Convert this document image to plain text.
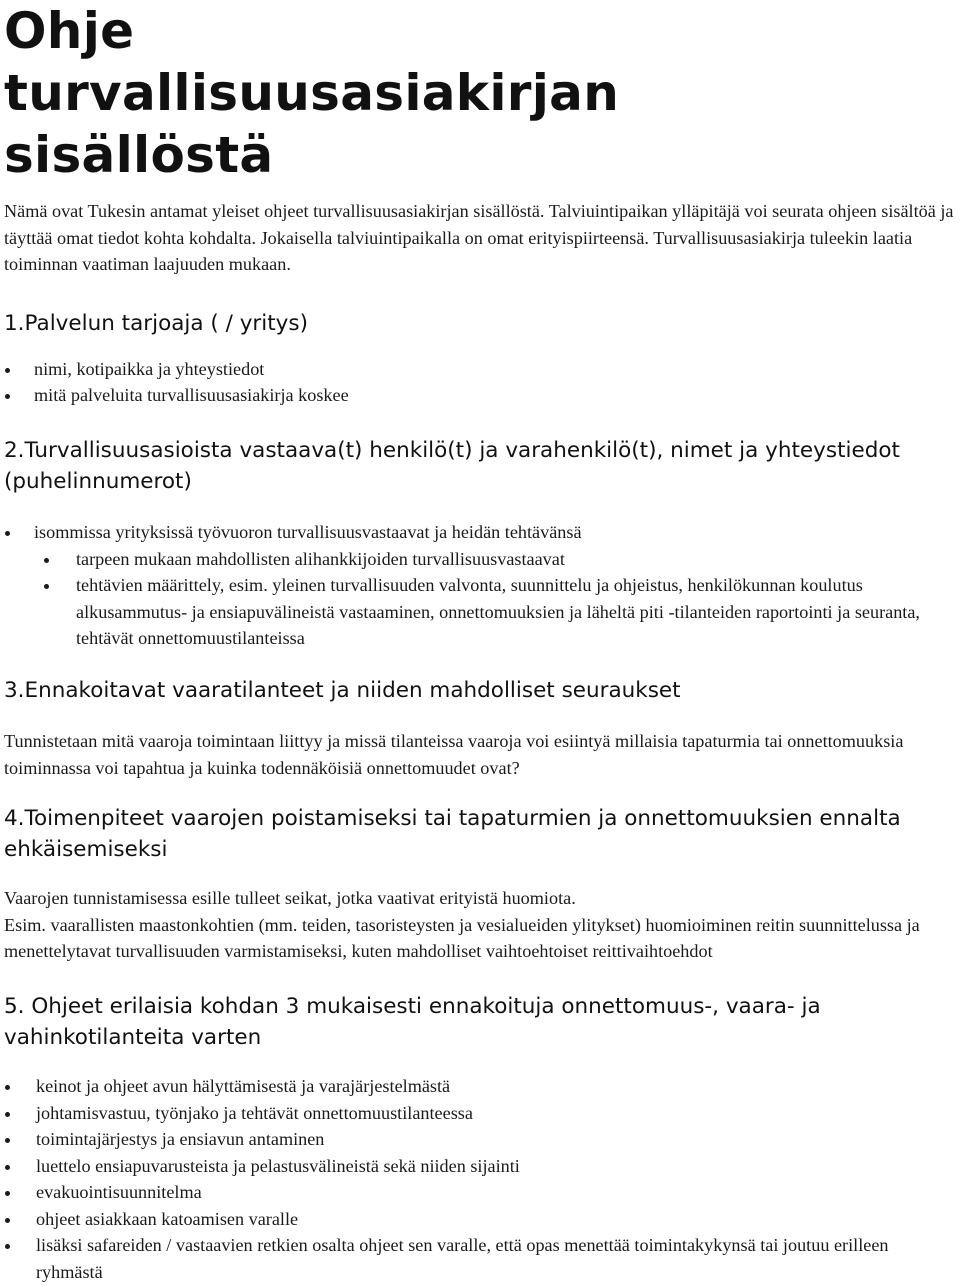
Ohje turvallisuusasiakirjan sisällöstä

Nämä ovat Tukesin antamat yleiset ohjeet turvallisuusasiakirjan sisällöstä. Talviuintipaikan ylläpitäjä voi seurata ohjeen sisältöä ja täyttää omat tiedot kohta kohdalta. Jokaisella talviuintipaikalla on omat erityispiirteensä. Turvallisuusasiakirja tuleekin laatia toiminnan vaatiman laajuuden mukaan.

1.Palvelun tarjoaja ( / yritys)
nimi, kotipaikka ja yhteystiedot
mitä palveluita turvallisuusasiakirja koskee
2.Turvallisuusasioista vastaava(t) henkilö(t) ja varahenkilö(t), nimet ja yhteystiedot (puhelinnumerot)
isommissa yrityksissä työvuoron turvallisuusvastaavat ja heidän tehtävänsä
tarpeen mukaan mahdollisten alihankkijoiden turvallisuusvastaavat
tehtävien määrittely, esim. yleinen turvallisuuden valvonta, suunnittelu ja ohjeistus, henkilökunnan koulutus alkusammutus- ja ensiapuvälineistä vastaaminen, onnettomuuksien ja läheltä piti -tilanteiden raportointi ja seuranta, tehtävät onnettomuustilanteissa
3.Ennakoitavat vaaratilanteet ja niiden mahdolliset seuraukset

Tunnistetaan mitä vaaroja toimintaan liittyy ja missä tilanteissa vaaroja voi esiintyä millaisia tapaturmia tai onnettomuuksia toiminnassa voi tapahtua ja kuinka todennäköisiä onnettomuudet ovat?

4.Toimenpiteet vaarojen poistamiseksi tai tapaturmien ja onnettomuuksien ennalta ehkäisemiseksi

Vaarojen tunnistamisessa esille tulleet seikat, jotka vaativat erityistä huomiota.

Esim. vaarallisten maastonkohtien (mm. teiden, tasoristeysten ja vesialueiden ylitykset) huomioiminen reitin suunnittelussa ja menettelytavat turvallisuuden varmistamiseksi, kuten mahdolliset vaihtoehtoiset reittivaihtoehdot

5. Ohjeet erilaisia kohdan 3 mukaisesti ennakoituja onnettomuus-, vaara- ja vahinkotilanteita varten
keinot ja ohjeet avun hälyttämisestä ja varajärjestelmästä
johtamisvastuu, työnjako ja tehtävät onnettomuustilanteessa
toimintajärjestys ja ensiavun antaminen
luettelo ensiapuvarusteista ja pelastusvälineistä sekä niiden sijainti
evakuointisuunnitelma
ohjeet asiakkaan katoamisen varalle
lisäksi safareiden / vastaavien retkien osalta ohjeet sen varalle, että opas menettää toimintakykynsä tai joutuu erilleen ryhmästä
